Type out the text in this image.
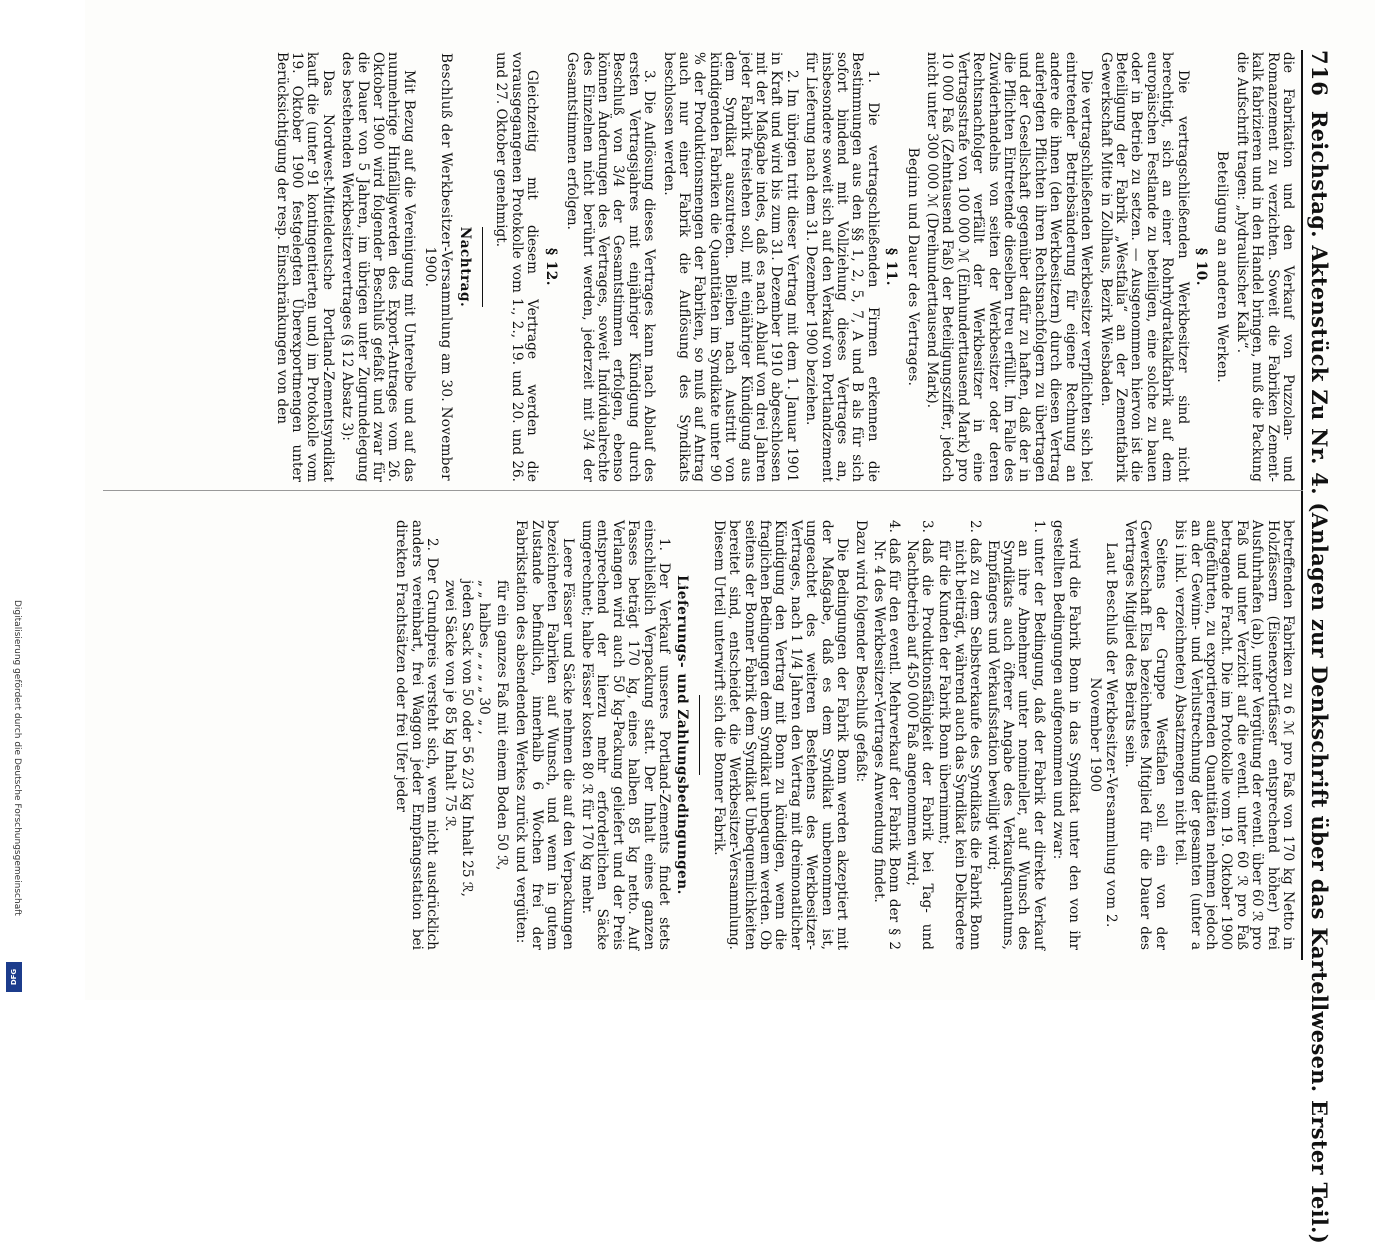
716
Reichstag. Aktenstück Zu Nr. 4. (Anlagen zur Denkschrift über das Kartellwesen. Erster Teil.)

die Fabrikation und den Verkauf von Puzzolan- und Romanzement zu verzichten. Soweit die Fabriken Zement-kalk fabrizieren und in den Handel bringen, muß die Packung die Aufschrift tragen: „hydraulischer Kalk“.

Beteiligung an anderen Werken.
§ 10.

Die vertragschließenden Werkbesitzer sind nicht berechtigt, sich an einer Rohrhydratkalkfabrik auf dem europäischen Festlande zu beteiligen, eine solche zu bauen oder in Betrieb zu setzen. — Ausgenommen hiervon ist die Beteiligung der Fabrik „Westfalia“ an der Zementfabrik Gewerkschaft Mitte in Zollhaus, Bezirk Wiesbaden.

Die vertragschließenden Werkbesitzer verpflichten sich bei eintretender Betriebsänderung für eigene Rechnung an andere die ihnen (den Werkbesitzern) durch diesen Vertrag auferlegten Pflichten ihren Rechtsnachfolgern zu übertragen und der Gesellschaft gegenüber dafür zu haften, daß der in die Pflichten Eintretende dieselben treu erfüllt. Im Falle des Zuwiderhandelns von seiten der Werkbesitzer oder deren Rechtsnachfolger verfällt der Werkbesitzer in eine Vertragsstrafe von 100 000 ℳ (Einhunderttausend Mark) pro 10 000 Faß (Zehntausend Faß) der Beteiligungsziffer, jedoch nicht unter 300 000 ℳ (Dreihunderttausend Mark).

Beginn und Dauer des Vertrages.
§ 11.

1. Die vertragschließenden Firmen erkennen die Bestimmungen aus den §§ 1, 2, 5, 7, A und B als für sich sofort bindend mit Vollziehung dieses Vertrages an, insbesondere soweit sich auf den Verkauf von Portlandzement für Lieferung nach dem 31. Dezember 1900 beziehen.

2. Im übrigen tritt dieser Vertrag mit dem 1. Januar 1901 in Kraft und wird bis zum 31. Dezember 1910 abgeschlossen mit der Maßgabe indes, daß es nach Ablauf von drei Jahren jeder Fabrik freistehen soll, mit einjähriger Kündigung aus dem Syndikat auszutreten. Bleiben nach Austritt von kündigenden Fabriken die Quantitäten im Syndikate unter 90 % der Produktionsmengen der Fabriken, so muß auf Antrag auch nur einer Fabrik die Auflösung des Syndikats beschlossen werden.

3. Die Auflösung dieses Vertrages kann nach Ablauf des ersten Vertragsjahres mit einjähriger Kündigung durch Beschluß von 3/4 der Gesamtstimmen erfolgen, ebenso können Änderungen des Vertrages, soweit Individualrechte des Einzelnen nicht berührt werden, jederzeit mit 3/4 der Gesamtstimmen erfolgen.

§ 12.

Gleichzeitig mit diesem Vertrage werden die vorausgegangenen Protokolle vom 1., 2., 19. und 20. und 26. und 27. Oktober genehmigt.

Nachtrag.
Beschluß der Werkbesitzer-Versammlung am 30. November 1900.

Mit Bezug auf die Vereinigung mit Unterelbe und auf das nunmehrige Hinfälligwerden des Export-Antrages vom 26. Oktober 1900 wird folgender Beschluß gefaßt und zwar für die Dauer von 5 Jahren, im übrigen unter Zugrundelegung des bestehenden Werkbesitzervertrages (§ 12 Absatz 3):

Das Nordwest-Mitteldeutsche Portland-Zementsyndikat kauft die (unter 91 kontingentierten und) im Protokolle vom 19. Oktober 1900 festgelegten Überexportmengen unter Berücksichtigung der resp. Einschränkungen von den

betreffenden Fabriken zu 6 ℳ pro Faß von 170 kg Netto in Holzfässern (Eisenexportfässer entsprechend höher) frei Ausfuhrhafen (ab), unter Vergütung der eventl. über 60 ℛ pro Faß und unter Verzicht auf die eventl. unter 60 ℛ pro Faß betragende Fracht. Die im Protokolle vom 19. Oktober 1900 aufgeführten, zu exportierenden Quantitäten nehmen jedoch an der Gewinn- und Verlustrechnung der gesamten (unter a bis i inkl. verzeichneten) Absatzmengen nicht teil.

Seitens der Gruppe Westfalen soll ein von der Gewerkschaft Elsa bezeichnetes Mitglied für die Dauer des Vertrages Mitglied des Beirats sein.

Laut Beschluß der Werkbesitzer-Versammlung vom 2. November 1900

wird die Fabrik Bonn in das Syndikat unter den von ihr gestellten Bedingungen aufgenommen und zwar:

1.unter der Bedingung, daß der Fabrik der direkte Verkauf an ihre Abnehmer unter nomineller, auf Wunsch des Syndikats auch öfterer Angabe des Verkaufsquantums, Empfängers und Verkaufsstation bewilligt wird;

2.daß zu dem Selbstverkaufe des Syndikats die Fabrik Bonn nicht beiträgt, während auch das Syndikat kein Delkredere für die Kunden der Fabrik Bonn übernimmt;

3.daß die Produktionsfähigkeit der Fabrik bei Tag- und Nachtbetrieb auf 450 000 Faß angenommen wird;

4.daß für den eventl. Mehrverkauf der Fabrik Bonn der § 2 Nr. 4 des Werkbesitzer-Vertrages Anwendung findet.

Dazu wird folgender Beschluß gefaßt:

Die Bedingungen der Fabrik Bonn werden akzeptiert mit der Maßgabe, daß es dem Syndikat unbenommen ist, ungeachtet des weiteren Bestehens des Werkbesitzer-Vertrages, nach 1 1/4 Jahren den Vertrag mit dreimonatlicher Kündigung den Vertrag mit Bonn zu kündigen, wenn die fraglichen Bedingungen dem Syndikat unbequem werden. Ob seitens der Bonner Fabrik dem Syndikat Unbequemlichkeiten bereitet sind, entscheidet die Werkbesitzer-Versammlung. Diesem Urteil unterwirft sich die Bonner Fabrik.

Lieferungs- und Zahlungsbedingungen.

1. Der Verkauf unseres Portland-Zements findet stets einschließlich Verpackung statt. Der Inhalt eines ganzen Fasses beträgt 170 kg, eines halben 85 kg netto. Auf Verlangen wird auch 50 kg-Packung geliefert und der Preis entsprechend der hierzu mehr erforderlichen Säcke umgerechnet; halbe Fässer kosten 80 ℛ für 170 kg mehr.

Leere Fässer und Säcke nehmen die auf den Verpackungen bezeichneten Fabriken auf Wunsch, und wenn in gutem Zustande befindlich, innerhalb 6 Wochen frei der Fabrikstation des absendenden Werkes zurück und vergüten:

für ein ganzes Faß mit einem Boden 50 ℛ,

„ „ halbes „ „ „ „ 30 „ ,

jeden Sack von 50 oder 56 2/3 kg Inhalt 25 ℛ,

zwei Säcke von je 85 kg Inhalt 75 ℛ.

2. Der Grundpreis versteht sich, wenn nicht ausdrücklich anders vereinbart, frei Waggon jeder Empfangsstation bei direkten Frachtsätzen oder frei Ufer jeder

Digitalisierung gefördert durch die Deutsche Forschungsgemeinschaft
DFG
